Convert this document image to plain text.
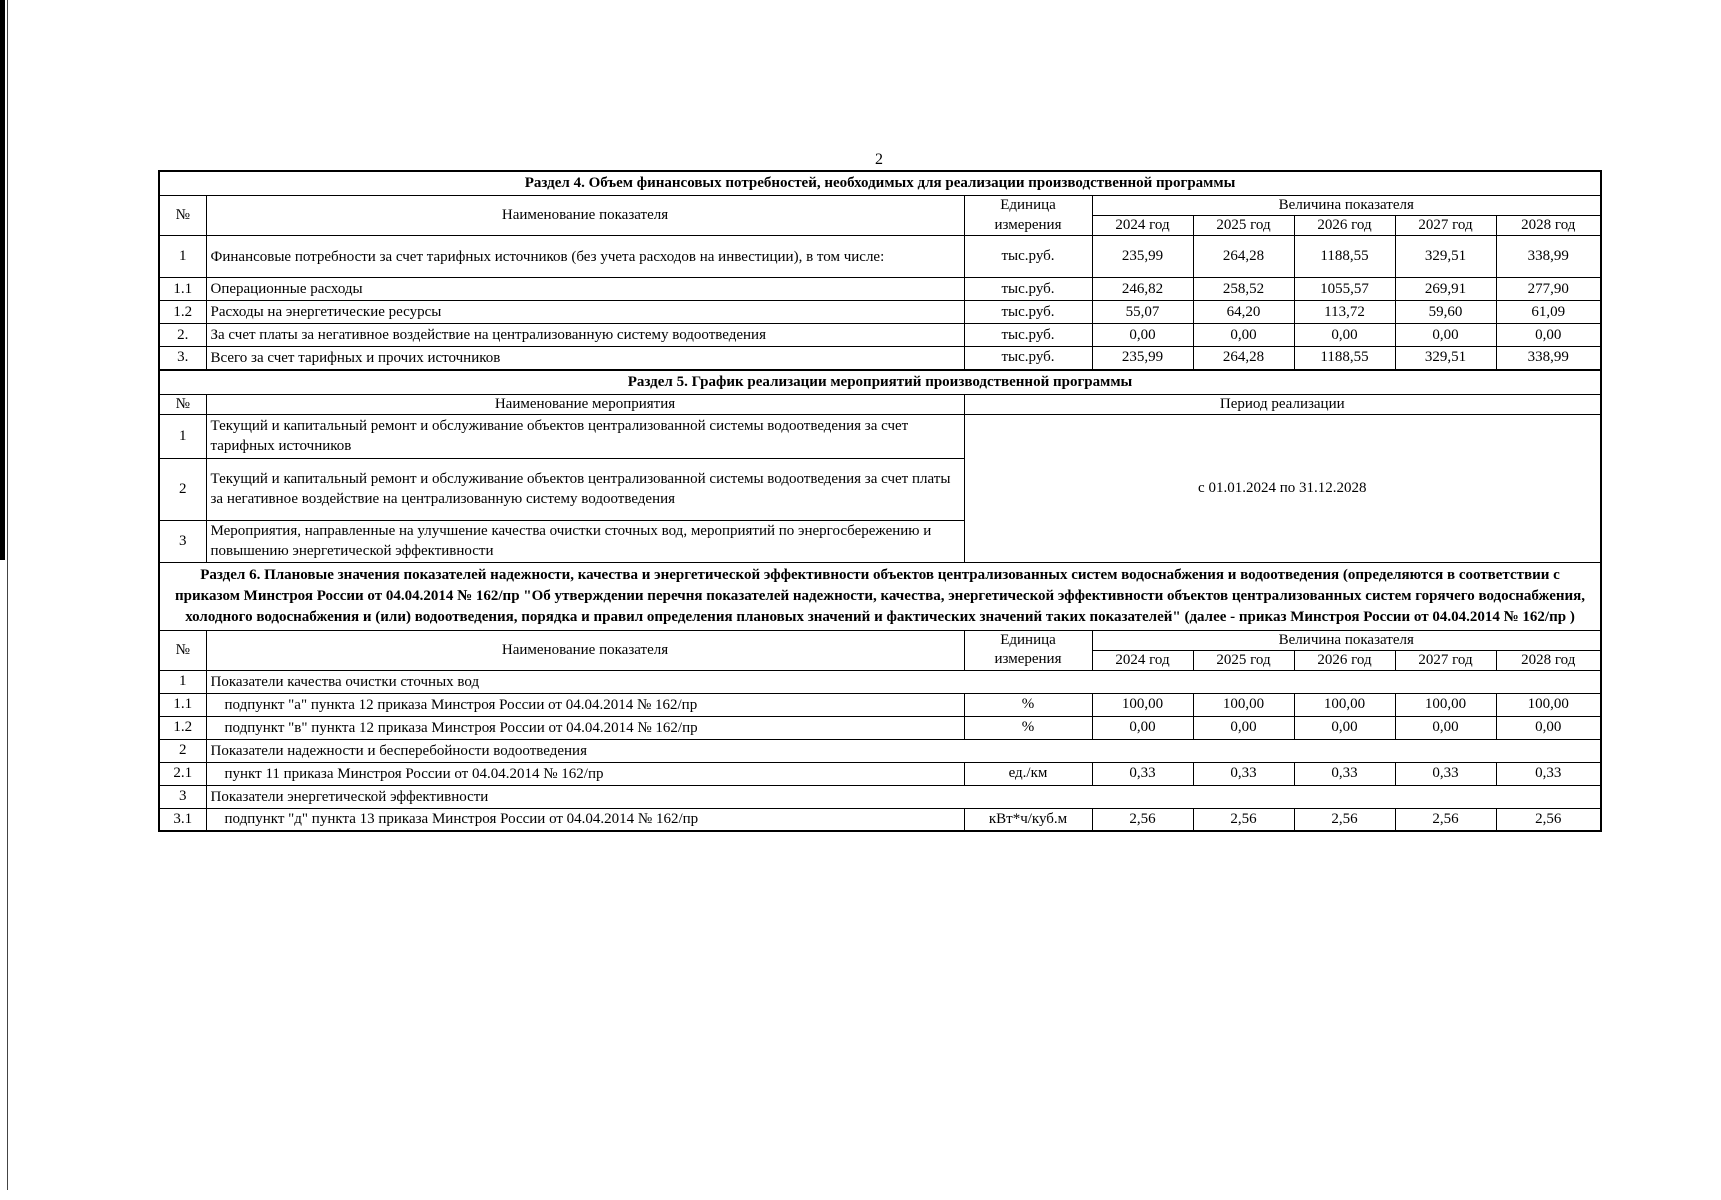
2
Раздел 4. Объем финансовых потребностей, необходимых для реализации производственной программы							
№	Наименование показателя	Единица	Величина показателя				
		измерения	2024 год	2025 год	2026 год	2027 год	2028 год
1	Финансовые потребности за счет тарифных источников (без учета расходов на инвестиции), в том числе:	тыс.руб.	235,99	264,28	1188,55	329,51	338,99
1.1	Операционные расходы	тыс.руб.	246,82	258,52	1055,57	269,91	277,90
1.2	Расходы на энергетические ресурсы	тыс.руб.	55,07	64,20	113,72	59,60	61,09
2.	За счет платы за негативное воздействие на централизованную систему водоотведения	тыс.руб.	0,00	0,00	0,00	0,00	0,00
3.	Всего за счет тарифных и прочих источников	тыс.руб.	235,99	264,28	1188,55	329,51	338,99
Раздел 5. График реализации мероприятий производственной программы		
№	Наименование мероприятия	Период реализации
1	Текущий и капитальный ремонт и обслуживание объектов централизованной системы водоотведения за счет тарифных источников	с 01.01.2024 по 31.12.2028
2	Текущий и капитальный ремонт и обслуживание объектов централизованной системы водоотведения за счет платы за негативное воздействие на централизованную систему водоотведения	
3	Мероприятия, направленные на улучшение качества очистки сточных вод, мероприятий по энергосбережению и повышению энергетической эффективности	
Раздел 6. Плановые значения показателей надежности, качества и энергетической эффективности объектов централизованных систем водоснабжения и водоотведения (определяются в соответствии с приказом Минстроя России от 04.04.2014 № 162/пр "Об утверждении перечня показателей надежности, качества, энергетической эффективности объектов централизованных систем горячего водоснабжения, холодного водоснабжения и (или) водоотведения, порядка и правил определения плановых значений и фактических значений таких показателей" (далее - приказ Минстроя России от 04.04.2014 № 162/пр )							
№	Наименование показателя	Единица	Величина показателя				
		измерения	2024 год	2025 год	2026 год	2027 год	2028 год
1	Показатели качества очистки сточных вод						
1.1	подпункт "а" пункта 12 приказа Минстроя России от 04.04.2014 № 162/пр	%	100,00	100,00	100,00	100,00	100,00
1.2	подпункт "в" пункта 12 приказа Минстроя России от 04.04.2014 № 162/пр	%	0,00	0,00	0,00	0,00	0,00
2	Показатели надежности и бесперебойности водоотведения						
2.1	пункт 11 приказа Минстроя России от 04.04.2014 № 162/пр	ед./км	0,33	0,33	0,33	0,33	0,33
3	Показатели энергетической эффективности						
3.1	подпункт "д" пункта 13 приказа Минстроя России от 04.04.2014 № 162/пр	кВт*ч/куб.м	2,56	2,56	2,56	2,56	2,56
